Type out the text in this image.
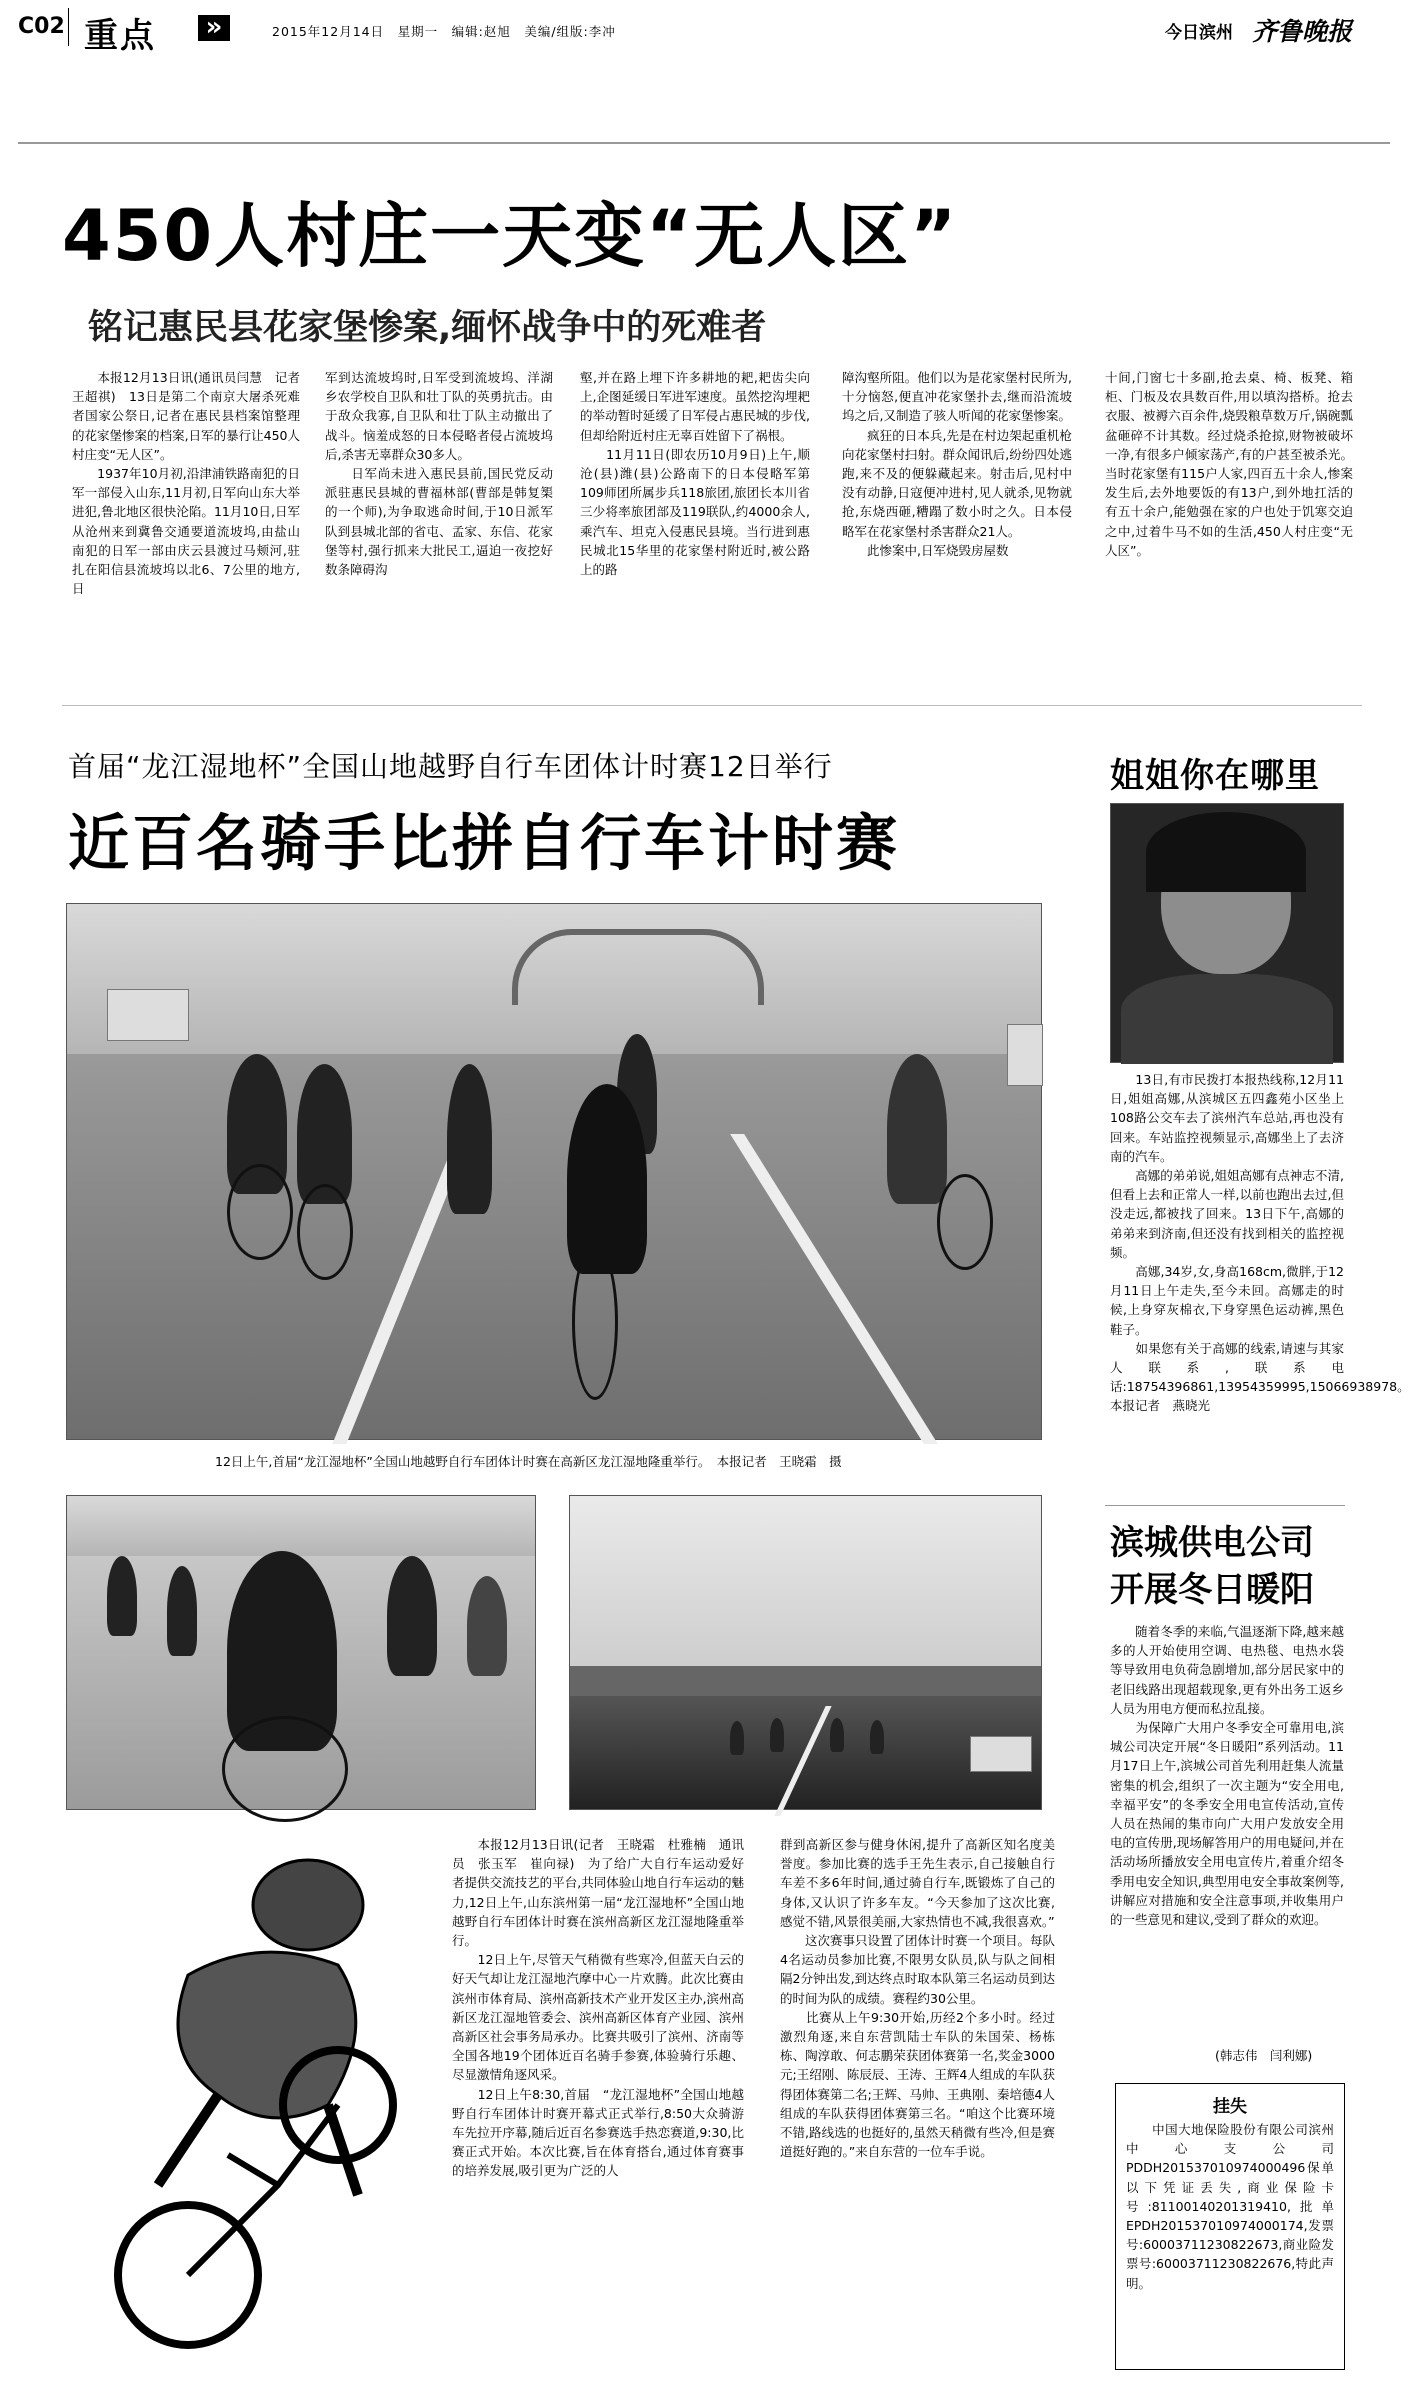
C02 重点 »	2015年12月14日　星期一　编辑:赵旭　美编/组版:李冲	今日滨州 齐鲁晚报
450人村庄一天变“无人区”
铭记惠民县花家堡惨案,缅怀战争中的死难者
　　本报12月13日讯(通讯员闫慧　记者　王超祺)　13日是第二个南京大屠杀死难者国家公祭日,记者在惠民县档案馆整理的花家堡惨案的档案,日军的暴行让450人村庄变“无人区”。
　　1937年10月初,沿津浦铁路南犯的日军一部侵入山东,11月初,日军向山东大举进犯,鲁北地区很快沦陷。11月10日,日军从沧州来到冀鲁交通要道流坡坞,由盐山南犯的日军一部由庆云县渡过马颊河,驻扎在阳信县流坡坞以北6、7公里的地方,日
军到达流坡坞时,日军受到流坡坞、洋湖乡农学校自卫队和壮丁队的英勇抗击。由于敌众我寡,自卫队和壮丁队主动撤出了战斗。恼羞成怒的日本侵略者侵占流坡坞后,杀害无辜群众30多人。
　　日军尚未进入惠民县前,国民党反动派驻惠民县城的曹福林部(曹部是韩复榘的一个师),为争取逃命时间,于10日派军队到县城北部的省屯、孟家、东信、花家堡等村,强行抓来大批民工,逼迫一夜挖好数条障碍沟
壑,并在路上埋下许多耕地的耙,耙齿尖向上,企图延缓日军进军速度。虽然挖沟埋耙的举动暂时延缓了日军侵占惠民城的步伐,但却给附近村庄无辜百姓留下了祸根。
　　11月11日(即农历10月9日)上午,顺沧(县)潍(县)公路南下的日本侵略军第109师团所属步兵118旅团,旅团长本川省三少将率旅团部及119联队,约4000余人,乘汽车、坦克入侵惠民县境。当行进到惠民城北15华里的花家堡村附近时,被公路上的路
障沟壑所阻。他们以为是花家堡村民所为,十分恼怒,便直冲花家堡扑去,继而沿流坡坞之后,又制造了骇人听闻的花家堡惨案。
　　疯狂的日本兵,先是在村边架起重机枪向花家堡村扫射。群众闻讯后,纷纷四处逃跑,来不及的便躲藏起来。射击后,见村中没有动静,日寇便冲进村,见人就杀,见物就抢,东烧西砸,糟蹋了数小时之久。日本侵略军在花家堡村杀害群众21人。
　　此惨案中,日军烧毁房屋数
十间,门窗七十多副,抢去桌、椅、板凳、箱柜、门板及农具数百件,用以填沟搭桥。抢去衣服、被褥六百余件,烧毁粮草数万斤,锅碗瓢盆砸碎不计其数。经过烧杀抢掠,财物被破坏一净,有很多户倾家荡产,有的户甚至被杀光。当时花家堡有115户人家,四百五十余人,惨案发生后,去外地要饭的有13户,到外地扛活的有五十余户,能勉强在家的户也处于饥寒交迫之中,过着牛马不如的生活,450人村庄变“无人区”。
首届“龙江湿地杯”全国山地越野自行车团体计时赛12日举行
近百名骑手比拼自行车计时赛
12日上午,首届“龙江湿地杯”全国山地越野自行车团体计时赛在高新区龙江湿地隆重举行。　本报记者　王晓霜　摄
　　本报12月13日讯(记者　王晓霜　杜雅楠　通讯员　张玉军　崔向禄)　为了给广大自行车运动爱好者提供交流技艺的平台,共同体验山地自行车运动的魅力,12日上午,山东滨州第一届“龙江湿地杯”全国山地越野自行车团体计时赛在滨州高新区龙江湿地隆重举行。
　　12日上午,尽管天气稍微有些寒冷,但蓝天白云的好天气却让龙江湿地汽摩中心一片欢腾。此次比赛由滨州市体育局、滨州高新技术产业开发区主办,滨州高新区龙江湿地管委会、滨州高新区体育产业园、滨州高新区社会事务局承办。比赛共吸引了滨州、济南等全国各地19个团体近百名骑手参赛,体验骑行乐趣、尽显激情角逐风采。
　　12日上午8:30,首届　“龙江湿地杯”全国山地越野自行车团体计时赛开幕式正式举行,8:50大众骑游车先拉开序幕,随后近百名参赛选手热恋赛道,9:30,比赛正式开始。本次比赛,旨在体育搭台,通过体育赛事的培养发展,吸引更为广泛的人
群到高新区参与健身休闲,提升了高新区知名度美誉度。参加比赛的选手王先生表示,自己接触自行车差不多6年时间,通过骑自行车,既锻炼了自己的身体,又认识了许多车友。“今天参加了这次比赛,感觉不错,风景很美丽,大家热情也不减,我很喜欢。”
　　这次赛事只设置了团体计时赛一个项目。每队4名运动员参加比赛,不限男女队员,队与队之间相隔2分钟出发,到达终点时取本队第三名运动员到达的时间为队的成绩。赛程约30公里。
　　比赛从上午9:30开始,历经2个多小时。经过激烈角逐,来自东营凯陆士车队的朱国荣、杨栋栋、陶淳敢、何志鹏荣获团体赛第一名,奖金3000元;王绍刚、陈辰辰、王涛、王辉4人组成的车队获得团体赛第二名;王辉、马帅、王典刚、秦培德4人组成的车队获得团体赛第三名。“咱这个比赛环境不错,路线选的也挺好的,虽然天稍微有些冷,但是赛道挺好跑的。”来自东营的一位车手说。
姐姐你在哪里
　　13日,有市民拨打本报热线称,12月11日,姐姐高娜,从滨城区五四鑫苑小区坐上108路公交车去了滨州汽车总站,再也没有回来。车站监控视频显示,高娜坐上了去济南的汽车。
　　高娜的弟弟说,姐姐高娜有点神志不清,但看上去和正常人一样,以前也跑出去过,但没走远,都被找了回来。13日下午,高娜的弟弟来到济南,但还没有找到相关的监控视频。
　　高娜,34岁,女,身高168cm,微胖,于12月11日上午走失,至今未回。高娜走的时候,上身穿灰棉衣,下身穿黑色运动裤,黑色鞋子。
　　如果您有关于高娜的线索,请速与其家人联系,联系电话:18754396861,13954359995,15066938978。本报记者　燕晓光
滨城供电公司
开展冬日暖阳
　　随着冬季的来临,气温逐渐下降,越来越多的人开始使用空调、电热毯、电热水袋等导致用电负荷急剧增加,部分居民家中的老旧线路出现超载现象,更有外出务工返乡人员为用电方便而私拉乱接。
　　为保障广大用户冬季安全可靠用电,滨城公司决定开展“冬日暖阳”系列活动。11月17日上午,滨城公司首先利用赶集人流量密集的机会,组织了一次主题为“安全用电,幸福平安”的冬季安全用电宣传活动,宣传人员在热闹的集市向广大用户发放安全用电的宣传册,现场解答用户的用电疑问,并在活动场所播放安全用电宣传片,着重介绍冬季用电安全知识,典型用电安全事故案例等,讲解应对措施和安全注意事项,并收集用户的一些意见和建议,受到了群众的欢迎。
(韩志伟　闫利娜)
挂失
　　中国大地保险股份有限公司滨州中心支公司PDDH201537010974000496保单以下凭证丢失,商业保险卡号:81100140201319410,批单EPDH201537010974000174,发票号:60003711230822673,商业险发票号:60003711230822676,特此声明。
